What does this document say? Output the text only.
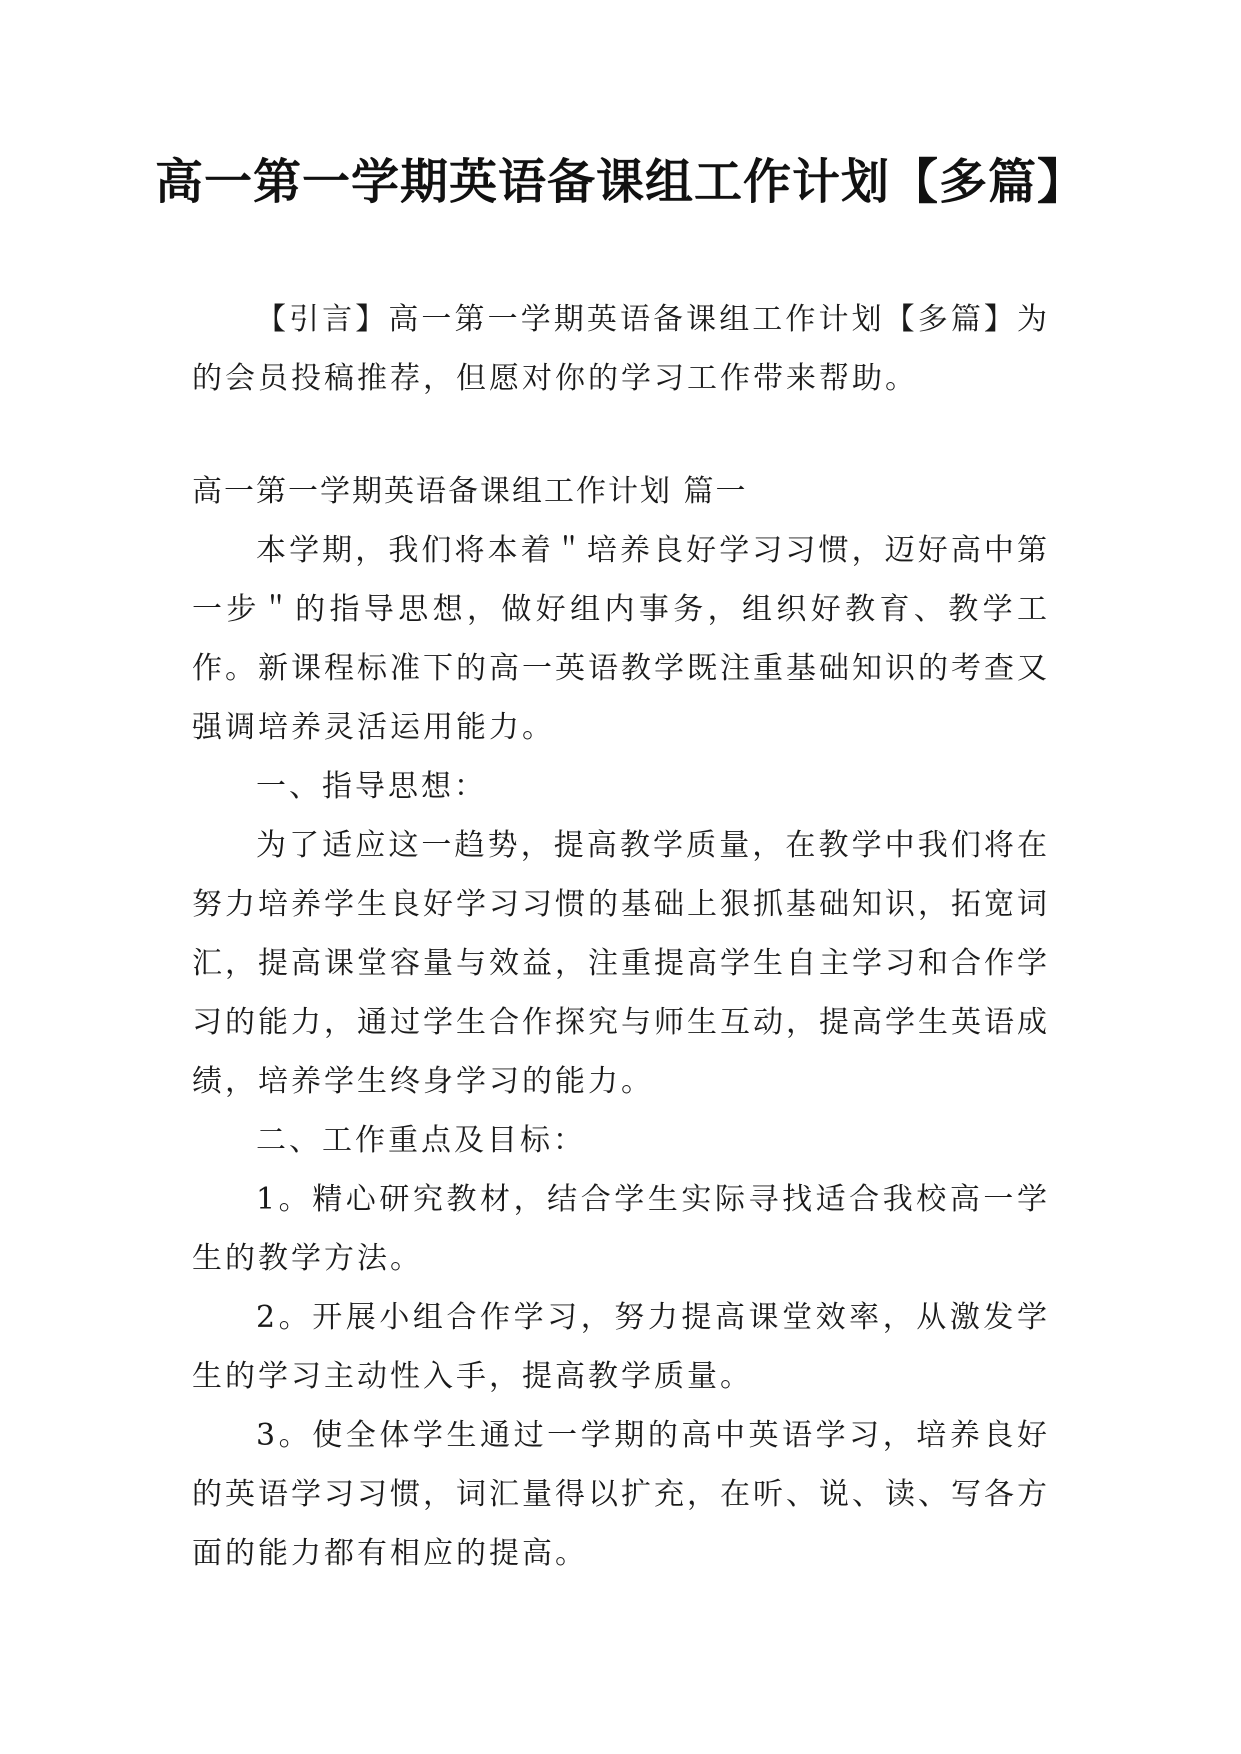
高一第一学期英语备课组工作计划【多篇】

【引言】高一第一学期英语备课组工作计划【多篇】为的会员投稿推荐，但愿对你的学习工作带来帮助。

高一第一学期英语备课组工作计划 篇一

本学期，我们将本着＂培养良好学习习惯，迈好高中第一步＂的指导思想，做好组内事务，组织好教育、教学工作。新课程标准下的高一英语教学既注重基础知识的考查又强调培养灵活运用能力。

一、指导思想：

为了适应这一趋势，提高教学质量，在教学中我们将在努力培养学生良好学习习惯的基础上狠抓基础知识，拓宽词汇，提高课堂容量与效益，注重提高学生自主学习和合作学习的能力，通过学生合作探究与师生互动，提高学生英语成绩，培养学生终身学习的能力。

二、工作重点及目标：

1。精心研究教材，结合学生实际寻找适合我校高一学生的教学方法。

2。开展小组合作学习，努力提高课堂效率，从激发学生的学习主动性入手，提高教学质量。

3。使全体学生通过一学期的高中英语学习，培养良好的英语学习习惯，词汇量得以扩充，在听、说、读、写各方面的能力都有相应的提高。
